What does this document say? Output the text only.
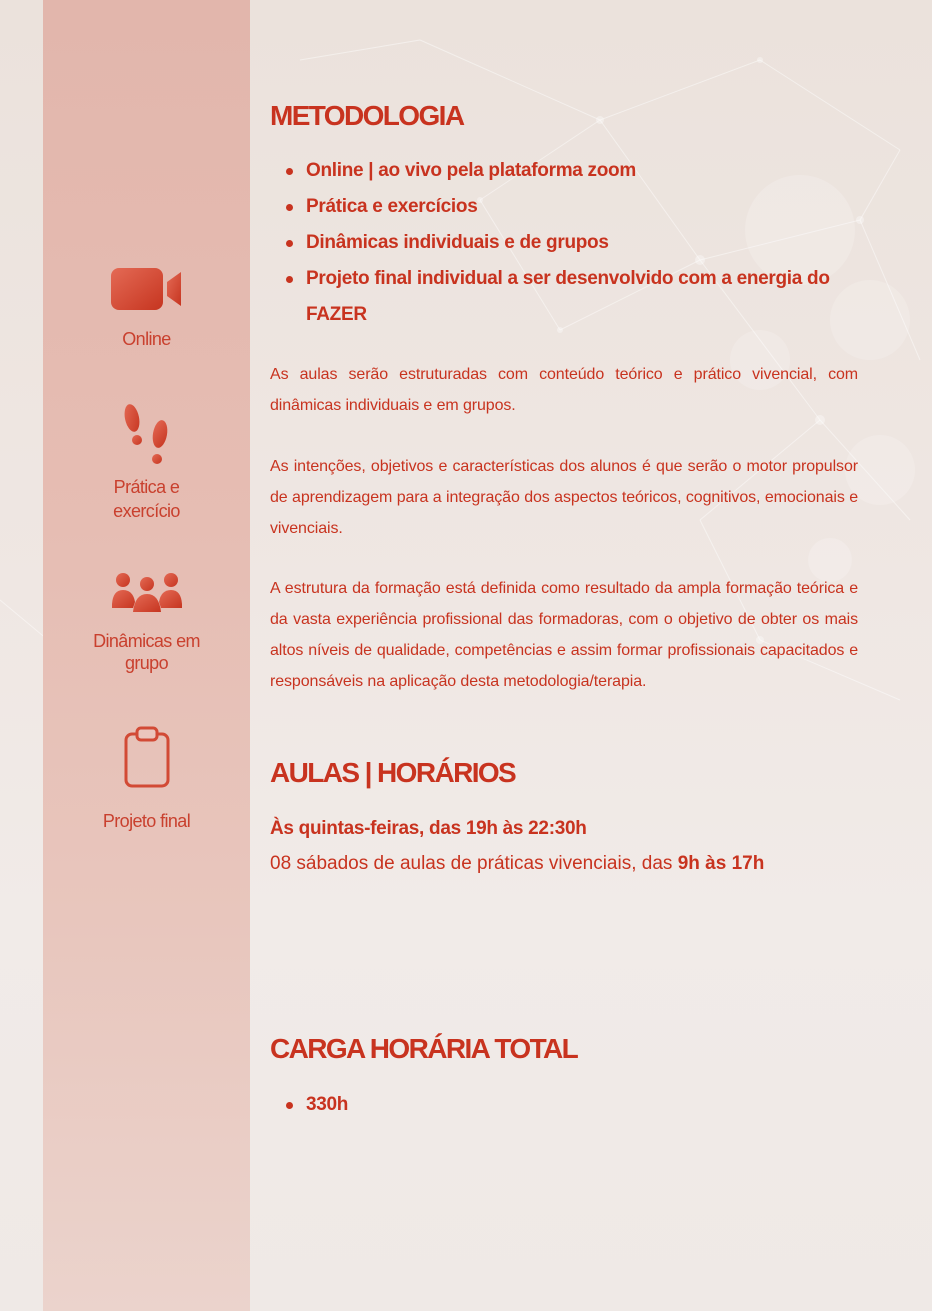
Online
Prática e
exercício
Dinâmicas em
grupo
Projeto final
METODOLOGIA
Online | ao vivo pela plataforma zoom
Prática e exercícios
Dinâmicas individuais e de grupos
Projeto final individual a ser desenvolvido com a energia do FAZER

As aulas serão estruturadas com conteúdo teórico e prático vivencial, com dinâmicas individuais e em grupos.

As intenções, objetivos e características dos alunos é que serão o motor propulsor de aprendizagem para a integração dos aspectos teóricos, cognitivos, emocionais e vivenciais.

A estrutura da formação está definida como resultado da ampla formação teórica e da vasta experiência profissional das formadoras, com o objetivo de obter os mais altos níveis de qualidade, competências e assim formar profissionais capacitados e responsáveis na aplicação desta metodologia/terapia.

AULAS | HORÁRIOS
Às quintas-feiras, das 19h às 22:30h
08 sábados de aulas de práticas vivenciais, das 9h às 17h
CARGA HORÁRIA TOTAL
330h
